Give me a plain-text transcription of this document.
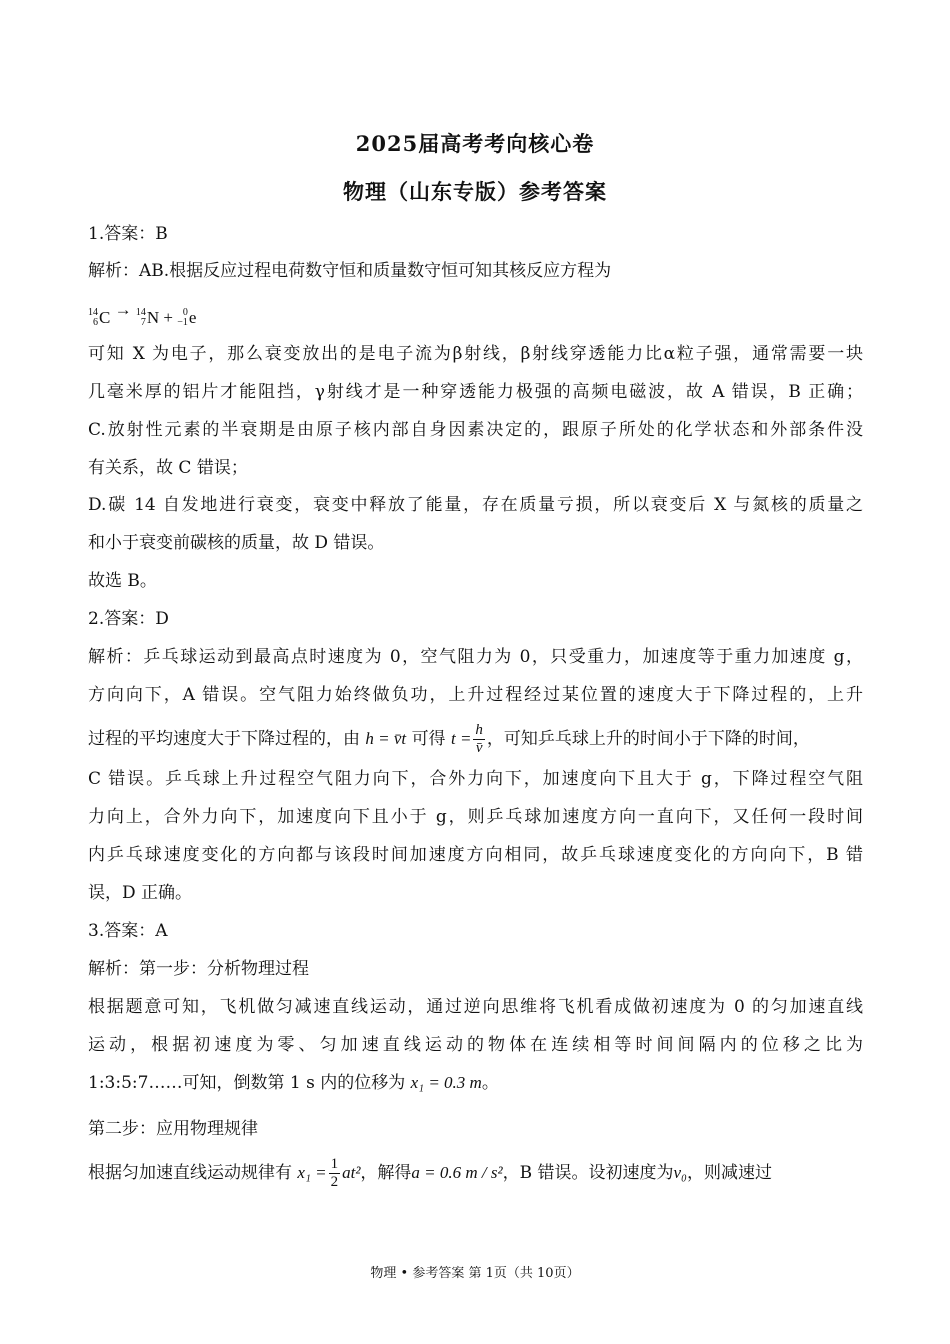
2025届高考考向核心卷
物理（山东专版）参考答案
1.答案：B
解析：AB.根据反应过程电荷数守恒和质量数守恒可知其核反应方程为
14
6 C → 14
7 N +
0
−1 e
可知 X 为电子，那么衰变放出的是电子流为β射线，β射线穿透能力比α粒子强，通常需要一块
几毫米厚的铝片才能阻挡，γ射线才是一种穿透能力极强的高频电磁波，故 A 错误，B 正确；
C.放射性元素的半衰期是由原子核内部自身因素决定的，跟原子所处的化学状态和外部条件没
有关系，故 C 错误；
D.碳 14 自发地进行衰变，衰变中释放了能量，存在质量亏损，所以衰变后 X 与氮核的质量之
和小于衰变前碳核的质量，故 D 错误。
故选 B。
2.答案：D
解析：乒乓球运动到最高点时速度为 0，空气阻力为 0，只受重力，加速度等于重力加速度 g，
方向向下，A 错误。空气阻力始终做负功，上升过程经过某位置的速度大于下降过程的，上升
过程的平均速度大于下降过程的，由 h = v̄t 可得 $t = \frac{h}{v̄}$ ，可知乒乓球上升的时间小于下降的时间，
C 错误。乒乓球上升过程空气阻力向下，合外力向下，加速度向下且大于 g，下降过程空气阻
力向上，合外力向下，加速度向下且小于 g，则乒乓球加速度方向一直向下，又任何一段时间
内乒乓球速度变化的方向都与该段时间加速度方向相同，故乒乓球速度变化的方向向下，B 错
误，D 正确。
3.答案：A
解析：第一步：分析物理过程
根据题意可知，飞机做匀减速直线运动，通过逆向思维将飞机看成做初速度为 0 的匀加速直线
运动，根据初速度为零、匀加速直线运动的物体在连续相等时间间隔内的位移之比为
1:3:5:7……可知，倒数第 1 s 内的位移为 x₁ = 0.3 m。
第二步：应用物理规律
根据匀加速直线运动规律有 $x_1 = \frac{1}{2} at^2$，解得a = 0.6 m / s²，B 错误。设初速度为v₀，则减速过
物理 • 参考答案 第 1页（共 10页）
